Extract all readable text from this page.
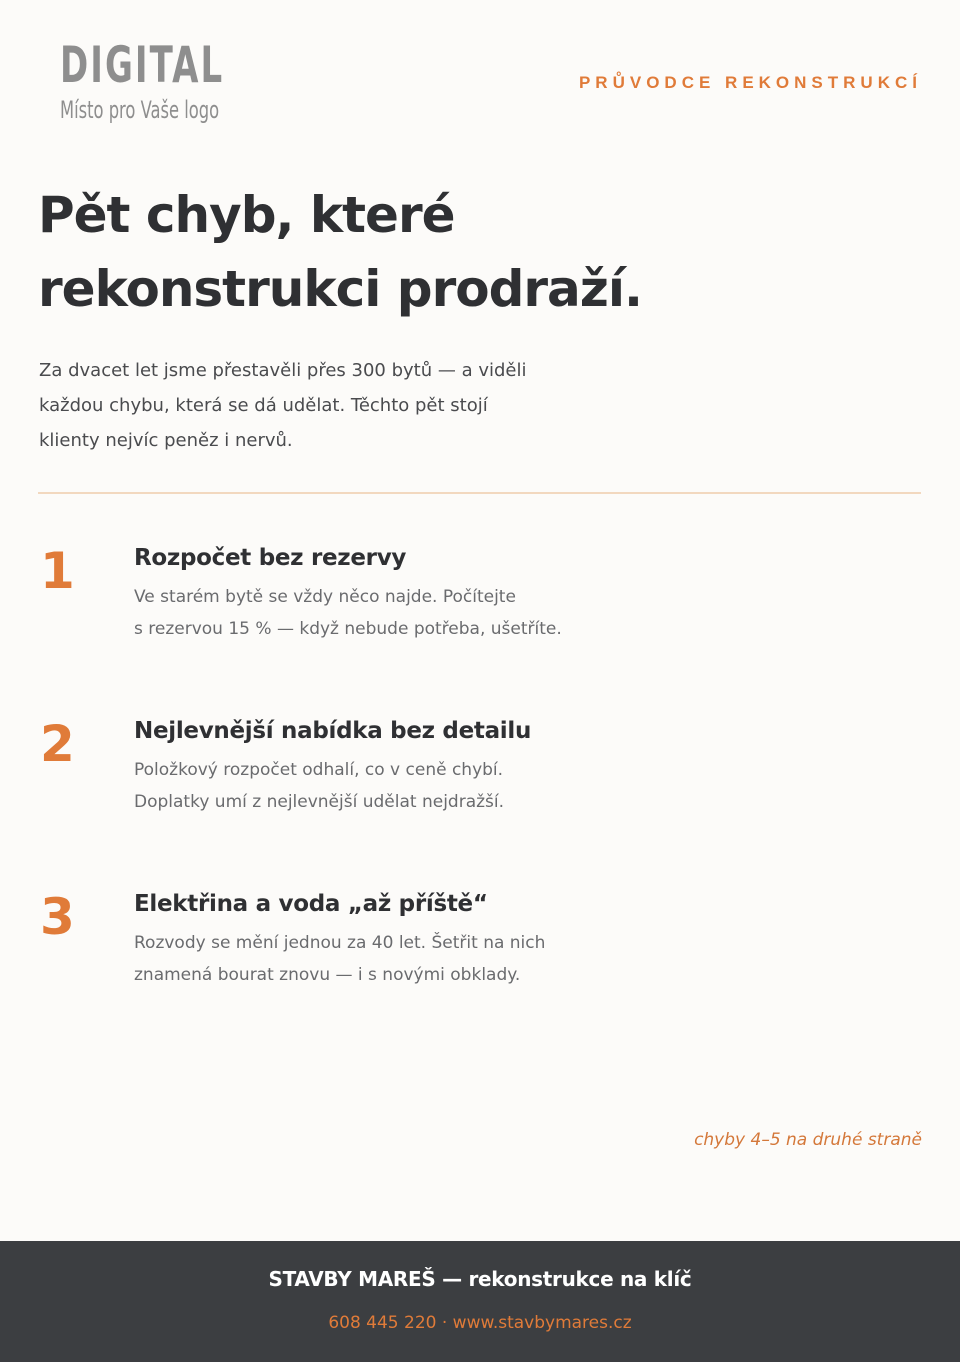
DIGITAL
Místo pro Vaše logo
PRŮVODCE REKONSTRUKCÍ
Pět chyb, které
rekonstrukci prodraží.

Za dvacet let jsme přestavěli přes 300 bytů — a viděli
každou chybu, která se dá udělat. Těchto pět stojí
klienty nejvíc peněz i nervů.

1	Rozpočet bez rezervy
Ve starém bytě se vždy něco najde. Počítejte
s rezervou 15 % — když nebude potřeba, ušetříte.
2	Nejlevnější nabídka bez detailu
Položkový rozpočet odhalí, co v ceně chybí.
Doplatky umí z nejlevnější udělat nejdražší.
3	Elektřina a voda „až příště“
Rozvody se mění jednou za 40 let. Šetřit na nich
znamená bourat znovu — i s novými obklady.
chyby 4–5 na druhé straně
STAVBY MAREŠ — rekonstrukce na klíč
608 445 220 · www.stavbymares.cz
